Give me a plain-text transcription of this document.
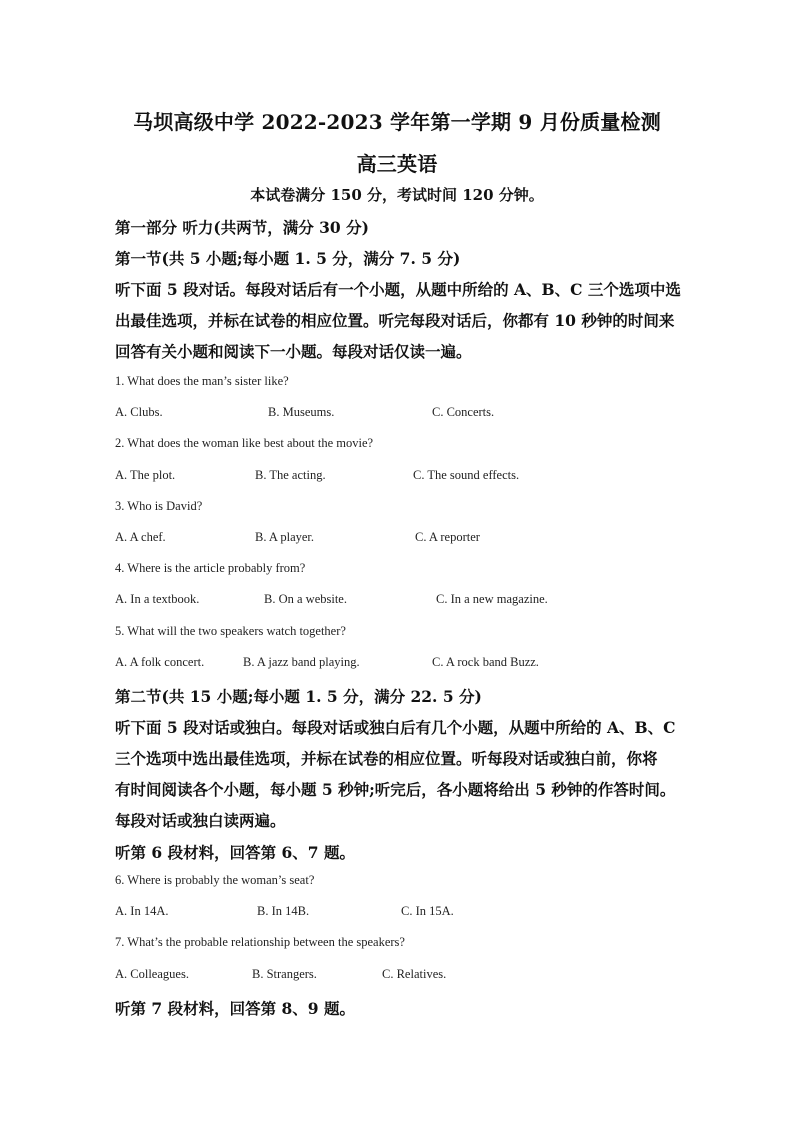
马坝高级中学 2022-2023 学年第一学期 9 月份质量检测
高三英语
本试卷满分 150 分，考试时间 120 分钟。
第一部分 听力(共两节，满分 30 分)
第一节(共 5 小题;每小题 1. 5 分，满分 7. 5 分)
听下面 5 段对话。每段对话后有一个小题，从题中所给的 A、B、C 三个选项中选
出最佳选项，并标在试卷的相应位置。听完每段对话后，你都有 10 秒钟的时间来
回答有关小题和阅读下一小题。每段对话仅读一遍。
1. What does the man’s sister like?
A. Clubs.	B. Museums.	C. Concerts.
2. What does the woman like best about the movie?
A. The plot.	B. The acting.	C. The sound effects.
3. Who is David?
A. A chef.	B. A player.	C. A reporter
4. Where is the article probably from?
A. In a textbook.	B. On a website.	C. In a new magazine.
5. What will the two speakers watch together?
A. A folk concert.	B. A jazz band playing.	C. A rock band Buzz.
第二节(共 15 小题;每小题 1. 5 分，满分 22. 5 分)
听下面 5 段对话或独白。每段对话或独白后有几个小题，从题中所给的 A、B、C
三个选项中选出最佳选项，并标在试卷的相应位置。听每段对话或独白前，你将
有时间阅读各个小题，每小题 5 秒钟;听完后，各小题将给出 5 秒钟的作答时间。
每段对话或独白读两遍。
听第 6 段材料，回答第 6、7 题。
6. Where is probably the woman’s seat?
A. In 14A.	B. In 14B.	C. In 15A.
7. What’s the probable relationship between the speakers?
A. Colleagues.	B. Strangers.	C. Relatives.
听第 7 段材料，回答第 8、9 题。
